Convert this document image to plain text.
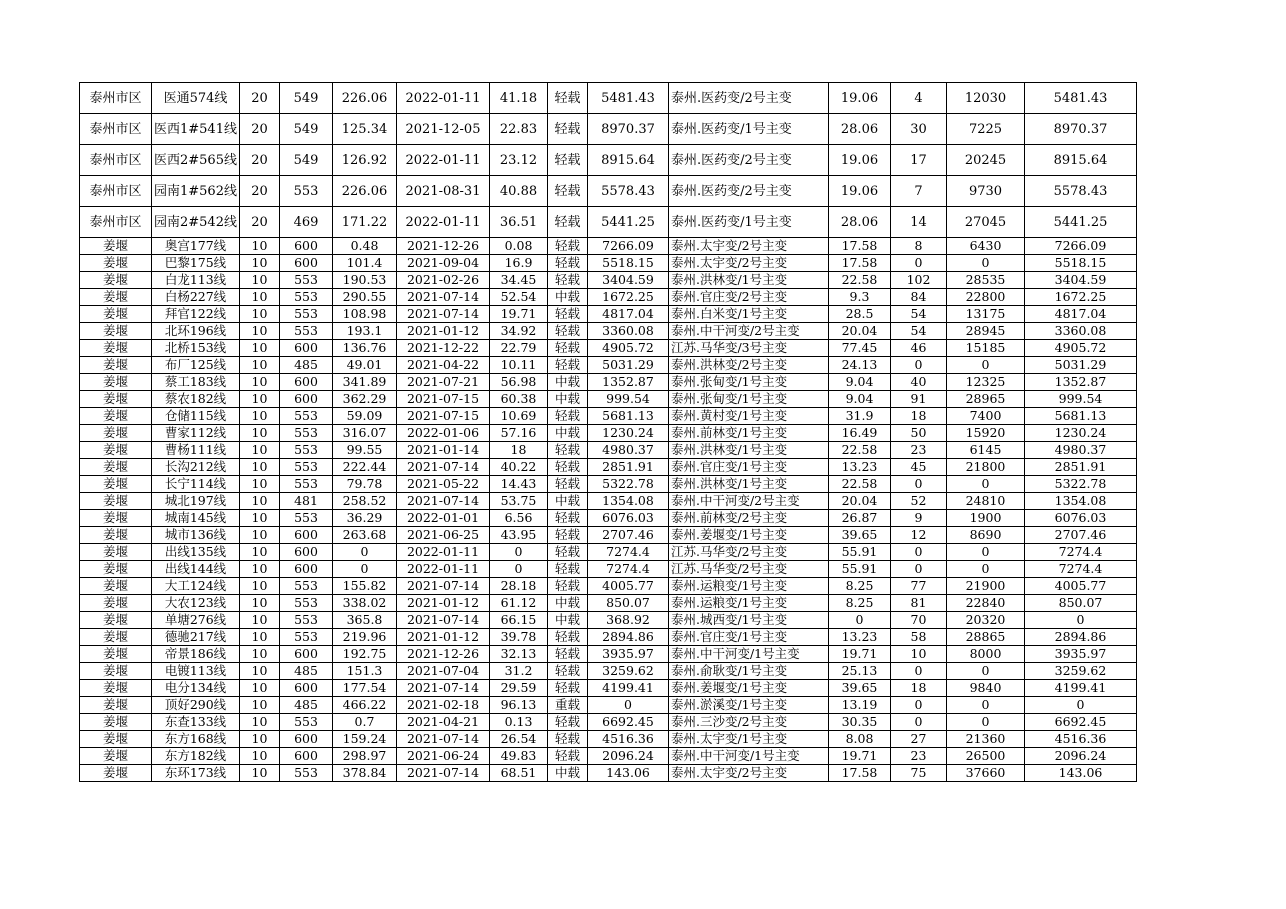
泰州市区	医通574线	20	549	226.06	2022-01-11	41.18	轻载	5481.43	泰州.医药变/2号主变	19.06	4	12030	5481.43
泰州市区	医西1#541线	20	549	125.34	2021-12-05	22.83	轻载	8970.37	泰州.医药变/1号主变	28.06	30	7225	8970.37
泰州市区	医西2#565线	20	549	126.92	2022-01-11	23.12	轻载	8915.64	泰州.医药变/2号主变	19.06	17	20245	8915.64
泰州市区	园南1#562线	20	553	226.06	2021-08-31	40.88	轻载	5578.43	泰州.医药变/2号主变	19.06	7	9730	5578.43
泰州市区	园南2#542线	20	469	171.22	2022-01-11	36.51	轻载	5441.25	泰州.医药变/1号主变	28.06	14	27045	5441.25
姜堰	奥宫177线	10	600	0.48	2021-12-26	0.08	轻载	7266.09	泰州.太宇变/2号主变	17.58	8	6430	7266.09
姜堰	巴黎175线	10	600	101.4	2021-09-04	16.9	轻载	5518.15	泰州.太宇变/2号主变	17.58	0	0	5518.15
姜堰	白龙113线	10	553	190.53	2021-02-26	34.45	轻载	3404.59	泰州.洪林变/1号主变	22.58	102	28535	3404.59
姜堰	白杨227线	10	553	290.55	2021-07-14	52.54	中载	1672.25	泰州.官庄变/2号主变	9.3	84	22800	1672.25
姜堰	拜官122线	10	553	108.98	2021-07-14	19.71	轻载	4817.04	泰州.白米变/1号主变	28.5	54	13175	4817.04
姜堰	北环196线	10	553	193.1	2021-01-12	34.92	轻载	3360.08	泰州.中干河变/2号主变	20.04	54	28945	3360.08
姜堰	北桥153线	10	600	136.76	2021-12-22	22.79	轻载	4905.72	江苏.马华变/3号主变	77.45	46	15185	4905.72
姜堰	布厂125线	10	485	49.01	2021-04-22	10.11	轻载	5031.29	泰州.洪林变/2号主变	24.13	0	0	5031.29
姜堰	蔡工183线	10	600	341.89	2021-07-21	56.98	中载	1352.87	泰州.张甸变/1号主变	9.04	40	12325	1352.87
姜堰	蔡农182线	10	600	362.29	2021-07-15	60.38	中载	999.54	泰州.张甸变/1号主变	9.04	91	28965	999.54
姜堰	仓储115线	10	553	59.09	2021-07-15	10.69	轻载	5681.13	泰州.黄村变/1号主变	31.9	18	7400	5681.13
姜堰	曹家112线	10	553	316.07	2022-01-06	57.16	中载	1230.24	泰州.前林变/1号主变	16.49	50	15920	1230.24
姜堰	曹杨111线	10	553	99.55	2021-01-14	18	轻载	4980.37	泰州.洪林变/1号主变	22.58	23	6145	4980.37
姜堰	长沟212线	10	553	222.44	2021-07-14	40.22	轻载	2851.91	泰州.官庄变/1号主变	13.23	45	21800	2851.91
姜堰	长宁114线	10	553	79.78	2021-05-22	14.43	轻载	5322.78	泰州.洪林变/1号主变	22.58	0	0	5322.78
姜堰	城北197线	10	481	258.52	2021-07-14	53.75	中载	1354.08	泰州.中干河变/2号主变	20.04	52	24810	1354.08
姜堰	城南145线	10	553	36.29	2022-01-01	6.56	轻载	6076.03	泰州.前林变/2号主变	26.87	9	1900	6076.03
姜堰	城市136线	10	600	263.68	2021-06-25	43.95	轻载	2707.46	泰州.姜堰变/1号主变	39.65	12	8690	2707.46
姜堰	出线135线	10	600	0	2022-01-11	0	轻载	7274.4	江苏.马华变/2号主变	55.91	0	0	7274.4
姜堰	出线144线	10	600	0	2022-01-11	0	轻载	7274.4	江苏.马华变/2号主变	55.91	0	0	7274.4
姜堰	大工124线	10	553	155.82	2021-07-14	28.18	轻载	4005.77	泰州.运粮变/1号主变	8.25	77	21900	4005.77
姜堰	大农123线	10	553	338.02	2021-01-12	61.12	中载	850.07	泰州.运粮变/1号主变	8.25	81	22840	850.07
姜堰	单塘276线	10	553	365.8	2021-07-14	66.15	中载	368.92	泰州.城西变/1号主变	0	70	20320	0
姜堰	德驰217线	10	553	219.96	2021-01-12	39.78	轻载	2894.86	泰州.官庄变/1号主变	13.23	58	28865	2894.86
姜堰	帝景186线	10	600	192.75	2021-12-26	32.13	轻载	3935.97	泰州.中干河变/1号主变	19.71	10	8000	3935.97
姜堰	电镀113线	10	485	151.3	2021-07-04	31.2	轻载	3259.62	泰州.俞耿变/1号主变	25.13	0	0	3259.62
姜堰	电分134线	10	600	177.54	2021-07-14	29.59	轻载	4199.41	泰州.姜堰变/1号主变	39.65	18	9840	4199.41
姜堰	顶好290线	10	485	466.22	2021-02-18	96.13	重载	0	泰州.淤溪变/1号主变	13.19	0	0	0
姜堰	东查133线	10	553	0.7	2021-04-21	0.13	轻载	6692.45	泰州.三沙变/2号主变	30.35	0	0	6692.45
姜堰	东方168线	10	600	159.24	2021-07-14	26.54	轻载	4516.36	泰州.太宇变/1号主变	8.08	27	21360	4516.36
姜堰	东方182线	10	600	298.97	2021-06-24	49.83	轻载	2096.24	泰州.中干河变/1号主变	19.71	23	26500	2096.24
姜堰	东环173线	10	553	378.84	2021-07-14	68.51	中载	143.06	泰州.太宇变/2号主变	17.58	75	37660	143.06
